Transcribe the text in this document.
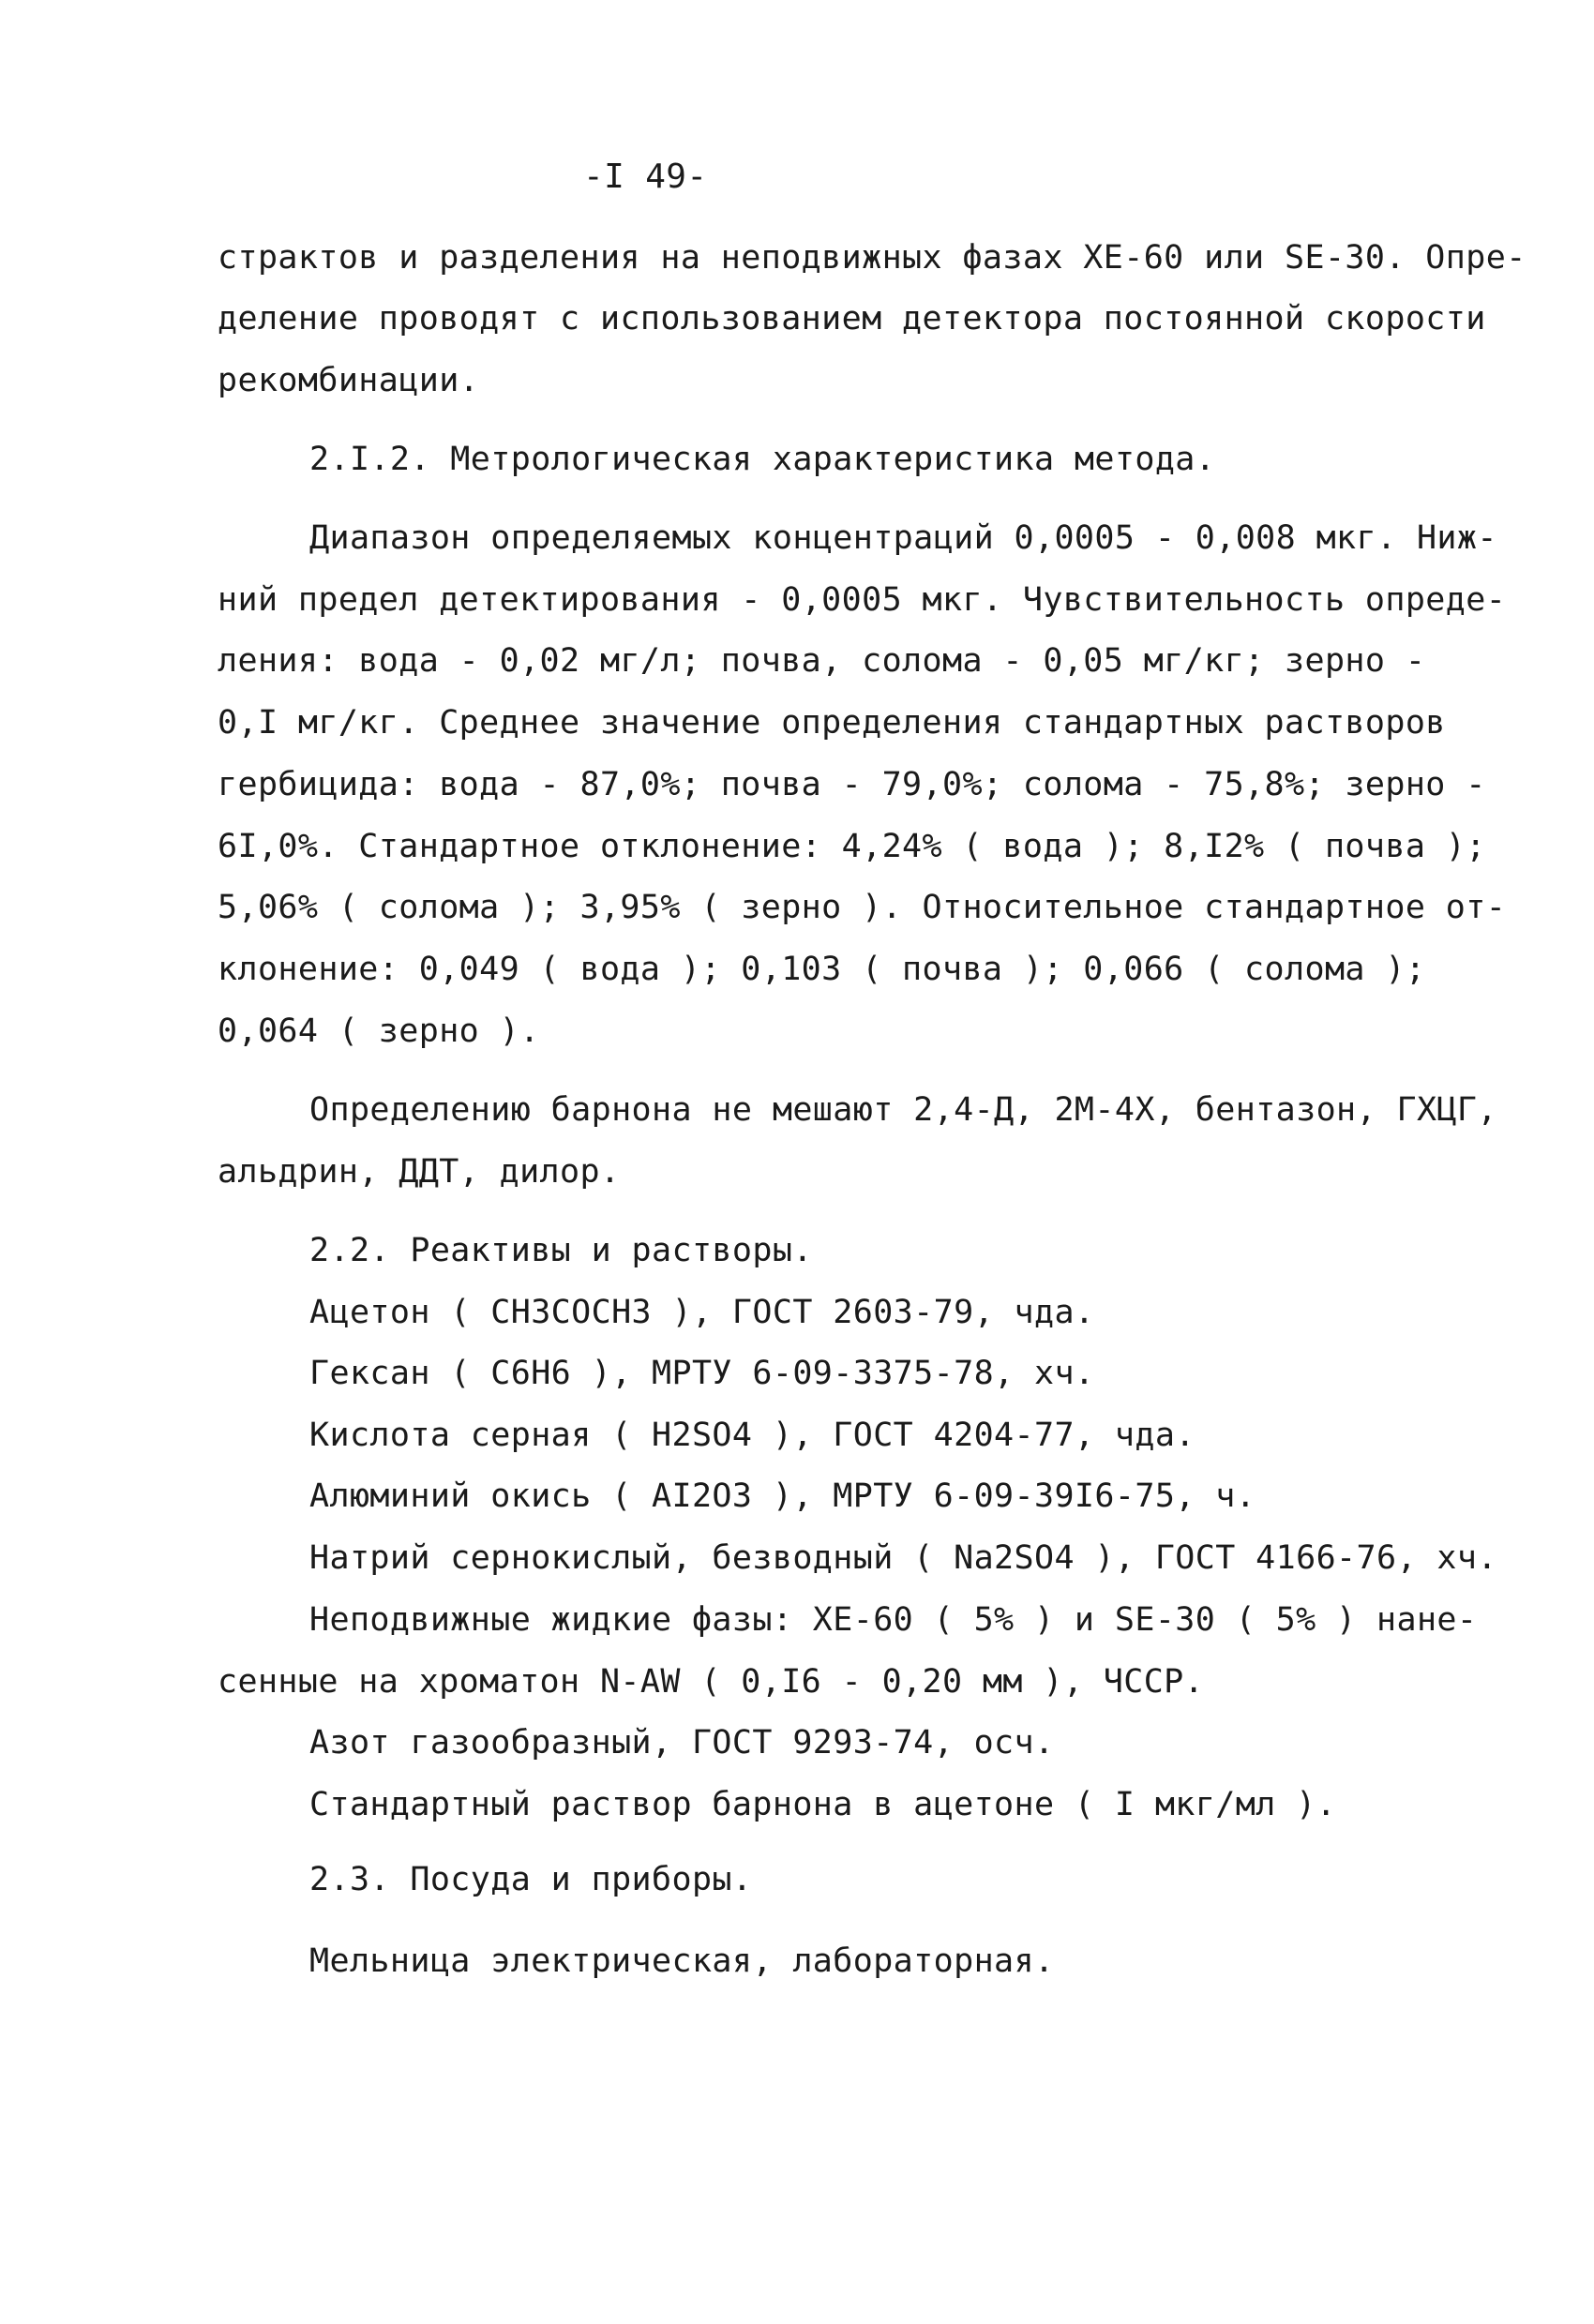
-I 49-
страктов и разделения на неподвижных фазах ХЕ-60 или SE-30. Опре-
деление проводят с использованием детектора постоянной скорости
рекомбинации.
2.I.2. Метрологическая характеристика метода.
Диапазон определяемых концентраций 0,0005 - 0,008 мкг. Ниж-
ний предел детектирования - 0,0005 мкг. Чувствительность опреде-
ления: вода - 0,02 мг/л; почва, солома - 0,05 мг/кг; зерно -
0,I мг/кг. Среднее значение определения стандартных растворов
гербицида: вода - 87,0%; почва - 79,0%; солома - 75,8%; зерно -
6I,0%. Стандартное отклонение: 4,24% ( вода ); 8,I2% ( почва );
5,06% ( солома ); 3,95% ( зерно ). Относительное стандартное от-
клонение: 0,049 ( вода ); 0,103 ( почва ); 0,066 ( солома );
0,064 ( зерно ).
Определению барнона не мешают 2,4-Д, 2М-4Х, бентазон, ГХЦГ,
альдрин, ДДТ, дилор.
2.2. Реактивы и растворы.
Ацетон ( CH3COCH3 ), ГОСТ 2603-79, чда.
Гексан ( C6H6 ), МРТУ 6-09-3375-78, хч.
Кислота серная ( H2SO4 ), ГОСТ 4204-77, чда.
Алюминий окись ( AI2O3 ), МРТУ 6-09-39I6-75, ч.
Натрий сернокислый, безводный ( Na2SO4 ), ГОСТ 4166-76, хч.
Неподвижные жидкие фазы: ХЕ-60 ( 5% ) и SE-30 ( 5% ) нане-
сенные на хроматон N-AW ( 0,I6 - 0,20 мм ), ЧССР.
Азот газообразный, ГОСТ 9293-74, осч.
Стандартный раствор барнона в ацетоне ( I мкг/мл ).
2.3. Посуда и приборы.
Мельница электрическая, лабораторная.
